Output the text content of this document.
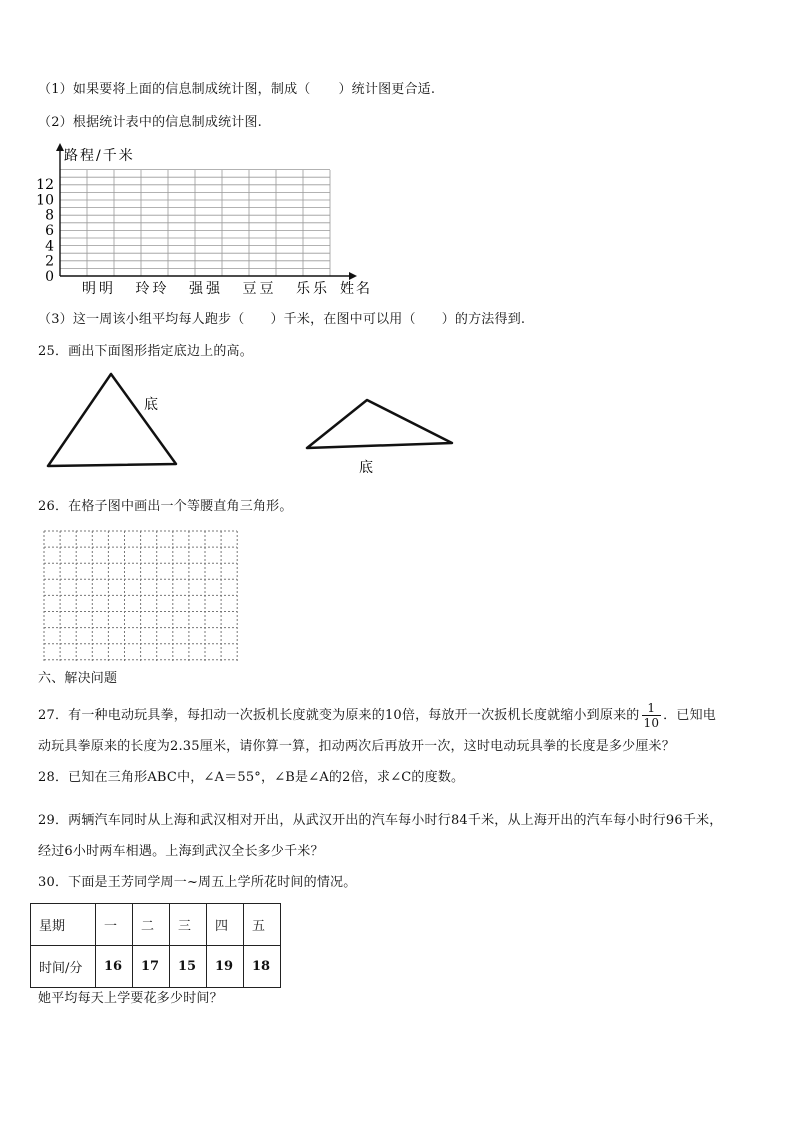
（1）如果要将上面的信息制成统计图，制成（ ）统计图更合适.
（2）根据统计表中的信息制成统计图.
12
10
8
6
4
2
0
明明 玲玲 强强 豆豆 乐乐
路程/千米
姓名
（3）这一周该小组平均每人跑步（ ）千米，在图中可以用（ ）的方法得到.
25．画出下面图形指定底边上的高。
底
底
26．在格子图中画出一个等腰直角三角形。
六、解决问题
27．有一种电动玩具拳，每扣动一次扳机长度就变为原来的10倍，每放开一次扳机长度就缩小到原来的 $\frac{1}{10}$ ．已知电
动玩具拳原来的长度为2.35厘米，请你算一算，扣动两次后再放开一次，这时电动玩具拳的长度是多少厘米？
28．已知在三角形ABC中，∠A＝55°，∠B是∠A的2倍，求∠C的度数。
29．两辆汽车同时从上海和武汉相对开出，从武汉开出的汽车每小时行84千米，从上海开出的汽车每小时行96千米，
经过6小时两车相遇。上海到武汉全长多少千米？
30．下面是王芳同学周一~周五上学所花时间的情况。
星期	一	二	三	四	五
时间/分	16	17	15	19	18
她平均每天上学要花多少时间？
